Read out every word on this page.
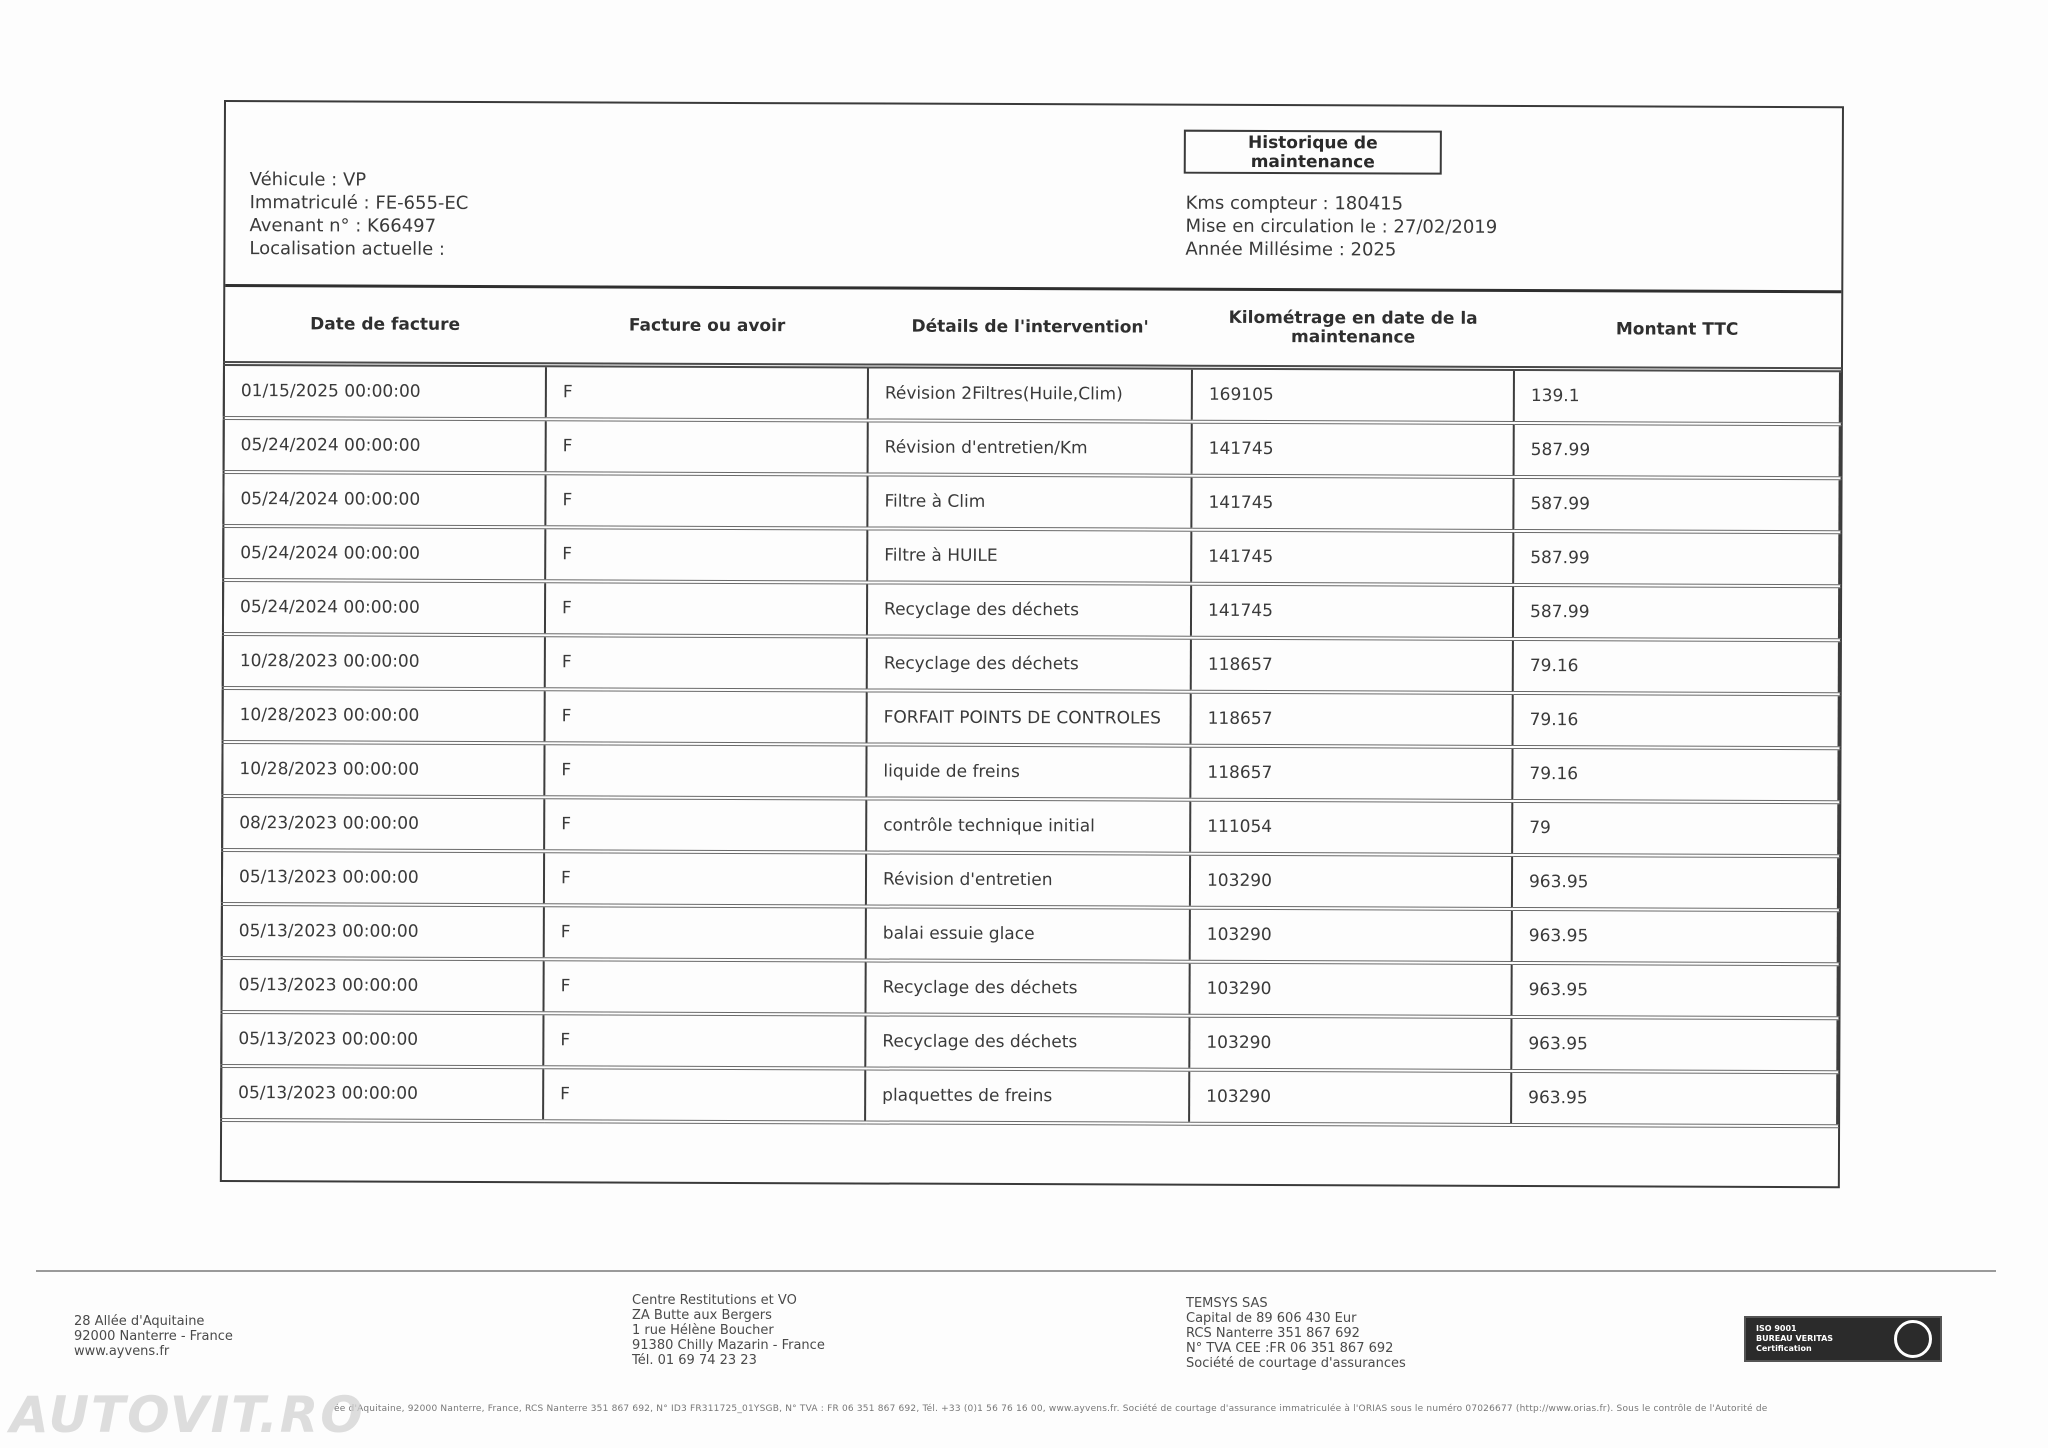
Véhicule : VP
Immatriculé : FE-655-EC
Avenant n° : K66497
Localisation actuelle :
Historique de
maintenance
Kms compteur : 180415
Mise en circulation le : 27/02/2019
Année Millésime : 2025
Date de facture	Facture ou avoir	Détails de l'intervention'	Kilométrage en date de la
maintenance	Montant TTC
01/15/2025 00:00:00	F	Révision 2Filtres(Huile,Clim)	169105	139.1
05/24/2024 00:00:00	F	Révision d'entretien/Km	141745	587.99
05/24/2024 00:00:00	F	Filtre à Clim	141745	587.99
05/24/2024 00:00:00	F	Filtre à HUILE	141745	587.99
05/24/2024 00:00:00	F	Recyclage des déchets	141745	587.99
10/28/2023 00:00:00	F	Recyclage des déchets	118657	79.16
10/28/2023 00:00:00	F	FORFAIT POINTS DE CONTROLES	118657	79.16
10/28/2023 00:00:00	F	liquide de freins	118657	79.16
08/23/2023 00:00:00	F	contrôle technique initial	111054	79
05/13/2023 00:00:00	F	Révision d'entretien	103290	963.95
05/13/2023 00:00:00	F	balai essuie glace	103290	963.95
05/13/2023 00:00:00	F	Recyclage des déchets	103290	963.95
05/13/2023 00:00:00	F	Recyclage des déchets	103290	963.95
05/13/2023 00:00:00	F	plaquettes de freins	103290	963.95
28 Allée d'Aquitaine
92000 Nanterre - France
www.ayvens.fr
Centre Restitutions et VO
ZA Butte aux Bergers
1 rue Hélène Boucher
91380 Chilly Mazarin - France
Tél. 01 69 74 23 23
TEMSYS SAS
Capital de 89 606 430 Eur
RCS Nanterre 351 867 692
N° TVA CEE :FR 06 351 867 692
Société de courtage d'assurances
ISO 9001
BUREAU VERITAS
Certification
ée d'Aquitaine, 92000 Nanterre, France, RCS Nanterre 351 867 692, N° ID3 FR311725_01YSGB, N° TVA : FR 06 351 867 692, Tél. +33 (0)1 56 76 16 00, www.ayvens.fr. Société de courtage d'assurance immatriculée à l'ORIAS sous le numéro 07026677 (http://www.orias.fr). Sous le contrôle de l'Autorité de
AUTOVIT.RO
